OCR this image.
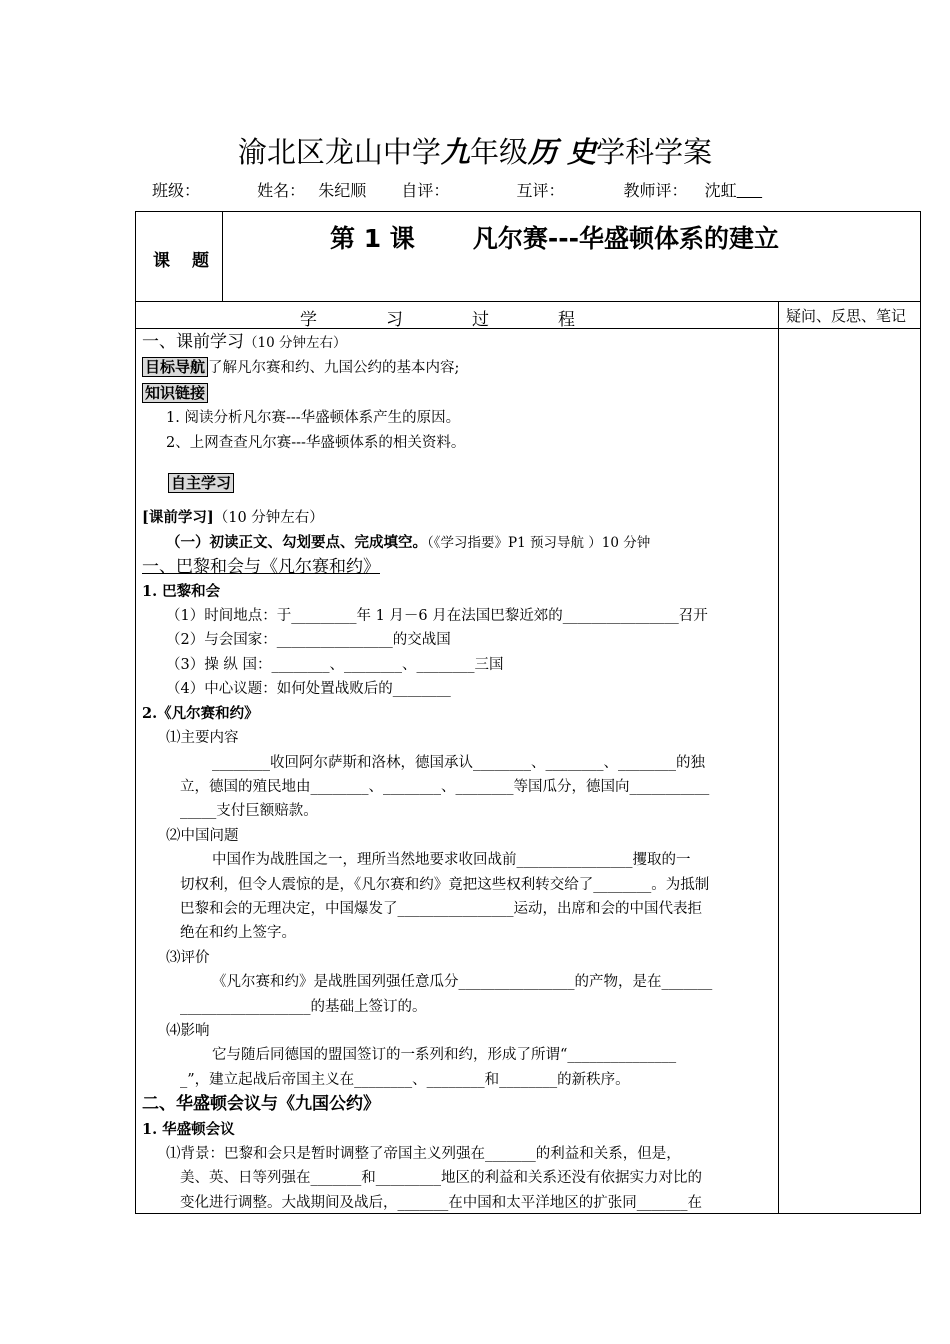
渝北区龙山中学九年级历 史学科学案
班级：	姓名： 朱纪顺 自评：	互评：	教师评： 沈虹
课 题
第 1 课 凡尔赛---华盛顿体系的建立
学	习	过	程	疑问、反思、笔记

一、课前学习（10 分钟左右）

目标导航 了解凡尔赛和约、九国公约的基本内容;

知识链接

1. 阅读分析凡尔赛---华盛顿体系产生的原因。

2、上网查查凡尔赛---华盛顿体系的相关资料。

自主学习

[课前学习]（10 分钟左右）

（一）初读正文、勾划要点、完成填空。（《学习指要》P1 预习导航 ）10 分钟

一、巴黎和会与《凡尔赛和约》

1. 巴黎和会

（1）时间地点：于_________年 1 月－6 月在法国巴黎近郊的________________召开

（2）与会国家：________________的交战国

（3）操 纵 国：________、________、________三国

（4）中心议题：如何处置战败后的________

2.《凡尔赛和约》

⑴主要内容

________收回阿尔萨斯和洛林，德国承认________、________、________的独

立，德国的殖民地由________、________、________等国瓜分，德国向___________

_____支付巨额赔款。

⑵中国问题

中国作为战胜国之一，理所当然地要求收回战前________________攫取的一

切权利，但令人震惊的是，《凡尔赛和约》竟把这些权利转交给了________。为抵制

巴黎和会的无理决定，中国爆发了________________运动，出席和会的中国代表拒

绝在和约上签字。

⑶评价

《凡尔赛和约》是战胜国列强任意瓜分________________的产物，是在_______

__________________的基础上签订的。

⑷影响

它与随后同德国的盟国签订的一系列和约，形成了所谓“_______________

_”，建立起战后帝国主义在________、________和________的新秩序。

二、华盛顿会议与《九国公约》

1. 华盛顿会议

⑴背景：巴黎和会只是暂时调整了帝国主义列强在_______的利益和关系，但是，

美、英、日等列强在_______和_________地区的利益和关系还没有依据实力对比的

变化进行调整。大战期间及战后，_______在中国和太平洋地区的扩张同_______在
